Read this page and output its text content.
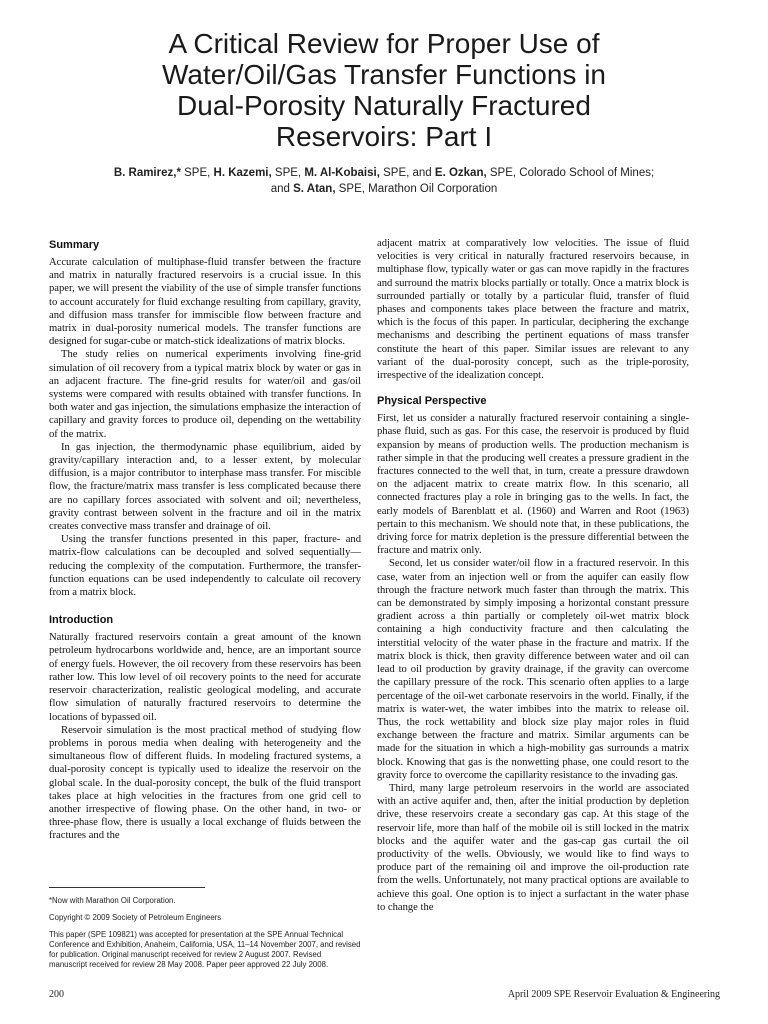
A Critical Review for Proper Use of
Water/Oil/Gas Transfer Functions in
Dual-Porosity Naturally Fractured
Reservoirs: Part I
B. Ramirez,* SPE, H. Kazemi, SPE, M. Al-Kobaisi, SPE, and E. Ozkan, SPE, Colorado School of Mines;
and S. Atan, SPE, Marathon Oil Corporation
Summary

Accurate calculation of multiphase-fluid transfer between the fracture and matrix in naturally fractured reservoirs is a crucial issue. In this paper, we will present the viability of the use of simple transfer functions to account accurately for fluid exchange resulting from capillary, gravity, and diffusion mass transfer for immiscible flow between fracture and matrix in dual-porosity numerical models. The transfer functions are designed for sugar-cube or match-stick idealizations of matrix blocks.

The study relies on numerical experiments involving fine-grid simulation of oil recovery from a typical matrix block by water or gas in an adjacent fracture. The fine-grid results for water/oil and gas/oil systems were compared with results obtained with transfer functions. In both water and gas injection, the simulations emphasize the interaction of capillary and gravity forces to produce oil, depending on the wettability of the matrix.

In gas injection, the thermodynamic phase equilibrium, aided by gravity/capillary interaction and, to a lesser extent, by molecular diffusion, is a major contributor to interphase mass transfer. For miscible flow, the fracture/matrix mass transfer is less complicated because there are no capillary forces associated with solvent and oil; nevertheless, gravity contrast between solvent in the fracture and oil in the matrix creates convective mass transfer and drainage of oil.

Using the transfer functions presented in this paper, fracture- and matrix-flow calculations can be decoupled and solved sequentially—reducing the complexity of the computation. Furthermore, the transfer-function equations can be used independently to calculate oil recovery from a matrix block.

Introduction

Naturally fractured reservoirs contain a great amount of the known petroleum hydrocarbons worldwide and, hence, are an important source of energy fuels. However, the oil recovery from these reservoirs has been rather low. This low level of oil recovery points to the need for accurate reservoir characterization, realistic geological modeling, and accurate flow simulation of naturally fractured reservoirs to determine the locations of bypassed oil.

Reservoir simulation is the most practical method of studying flow problems in porous media when dealing with heterogeneity and the simultaneous flow of different fluids. In modeling fractured systems, a dual-porosity concept is typically used to idealize the reservoir on the global scale. In the dual-porosity concept, the bulk of the fluid transport takes place at high velocities in the fractures from one grid cell to another irrespective of flowing phase. On the other hand, in two- or three-phase flow, there is usually a local exchange of fluids between the fractures and the

*Now with Marathon Oil Corporation.

Copyright © 2009 Society of Petroleum Engineers

This paper (SPE 109821) was accepted for presentation at the SPE Annual Technical Conference and Exhibition, Anaheim, California, USA, 11–14 November 2007, and revised for publication. Original manuscript received for review 2 August 2007. Revised manuscript received for review 28 May 2008. Paper peer approved 22 July 2008.

adjacent matrix at comparatively low velocities. The issue of fluid velocities is very critical in naturally fractured reservoirs because, in multiphase flow, typically water or gas can move rapidly in the fractures and surround the matrix blocks partially or totally. Once a matrix block is surrounded partially or totally by a particular fluid, transfer of fluid phases and components takes place between the fracture and matrix, which is the focus of this paper. In particular, deciphering the exchange mechanisms and describing the pertinent equations of mass transfer constitute the heart of this paper. Similar issues are relevant to any variant of the dual-porosity concept, such as the triple-porosity, irrespective of the idealization concept.

Physical Perspective

First, let us consider a naturally fractured reservoir containing a single-phase fluid, such as gas. For this case, the reservoir is produced by fluid expansion by means of production wells. The production mechanism is rather simple in that the producing well creates a pressure gradient in the fractures connected to the well that, in turn, create a pressure drawdown on the adjacent matrix to create matrix flow. In this scenario, all connected fractures play a role in bringing gas to the wells. In fact, the early models of Barenblatt et al. (1960) and Warren and Root (1963) pertain to this mechanism. We should note that, in these publications, the driving force for matrix depletion is the pressure differential between the fracture and matrix only.

Second, let us consider water/oil flow in a fractured reservoir. In this case, water from an injection well or from the aquifer can easily flow through the fracture network much faster than through the matrix. This can be demonstrated by simply imposing a horizontal constant pressure gradient across a thin partially or completely oil-wet matrix block containing a high conductivity fracture and then calculating the interstitial velocity of the water phase in the fracture and matrix. If the matrix block is thick, then gravity difference between water and oil can lead to oil production by gravity drainage, if the gravity can overcome the capillary pressure of the rock. This scenario often applies to a large percentage of the oil-wet carbonate reservoirs in the world. Finally, if the matrix is water-wet, the water imbibes into the matrix to release oil. Thus, the rock wettability and block size play major roles in fluid exchange between the fracture and matrix. Similar arguments can be made for the situation in which a high-mobility gas surrounds a matrix block. Knowing that gas is the nonwetting phase, one could resort to the gravity force to overcome the capillarity resistance to the invading gas.

Third, many large petroleum reservoirs in the world are associated with an active aquifer and, then, after the initial production by depletion drive, these reservoirs create a secondary gas cap. At this stage of the reservoir life, more than half of the mobile oil is still locked in the matrix blocks and the aquifer water and the gas-cap gas curtail the oil productivity of the wells. Obviously, we would like to find ways to produce part of the remaining oil and improve the oil-production rate from the wells. Unfortunately, not many practical options are available to achieve this goal. One option is to inject a surfactant in the water phase to change the

200	April 2009 SPE Reservoir Evaluation & Engineering
